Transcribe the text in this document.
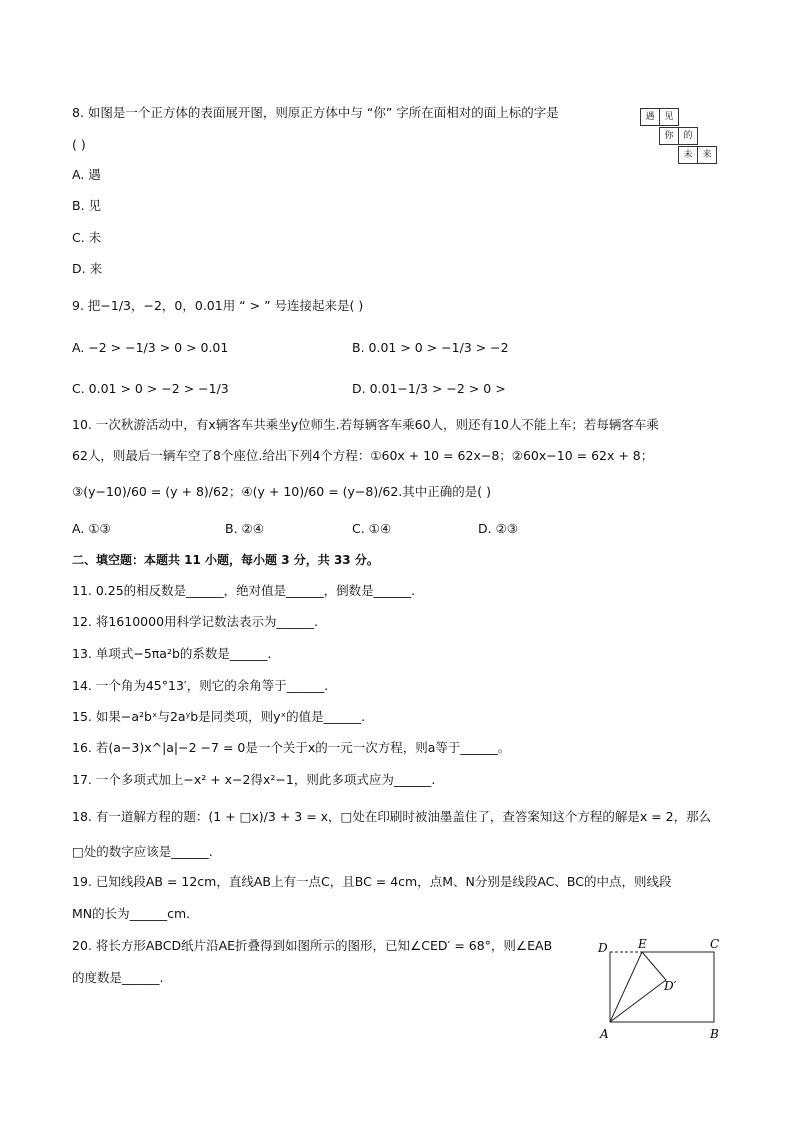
8. 如图是一个正方体的表面展开图，则原正方体中与 “你” 字所在面相对的面上标的字是
( )
A. 遇
B. 见
C. 未
D. 来
遇	见
你	的
未	来
9. 把−1/3，−2，0，0.01用 “ > ” 号连接起来是( )
A. −2 > −1/3 > 0 > 0.01	B. 0.01 > 0 > −1/3 > −2
C. 0.01 > 0 > −2 > −1/3	D. 0.01−1/3 > −2 > 0 >
10. 一次秋游活动中，有x辆客车共乘坐y位师生.若每辆客车乘60人，则还有10人不能上车；若每辆客车乘
62人，则最后一辆车空了8个座位.给出下列4个方程：①60x + 10 = 62x−8；②60x−10 = 62x + 8；
③(y−10)/60 = (y + 8)/62；④(y + 10)/60 = (y−8)/62.其中正确的是( )
A. ①③	B. ②④	C. ①④	D. ②③
二、填空题：本题共 11 小题，每小题 3 分，共 33 分。
11. 0.25的相反数是______，绝对值是______，倒数是______.
12. 将1610000用科学记数法表示为______.
13. 单项式−5πa²b的系数是______.
14. 一个角为45°13′，则它的余角等于______.
15. 如果−a²bˣ与2aʸb是同类项，则yˣ的值是______.
16. 若(a−3)x^|a|−2 −7 = 0是一个关于x的一元一次方程，则a等于______。
17. 一个多项式加上−x² + x−2得x²−1，则此多项式应为______.
18. 有一道解方程的题：(1 + □x)/3 + 3 = x，□处在印刷时被油墨盖住了，查答案知这个方程的解是x = 2，那么
□处的数字应该是______.
19. 已知线段AB = 12cm，直线AB上有一点C，且BC = 4cm，点M、N分别是线段AC、BC的中点，则线段
MN的长为______cm.
20. 将长方形ABCD纸片沿AE折叠得到如图所示的图形，已知∠CED′ = 68°，则∠EAB
的度数是______.
D	E	C
D′
A	B
